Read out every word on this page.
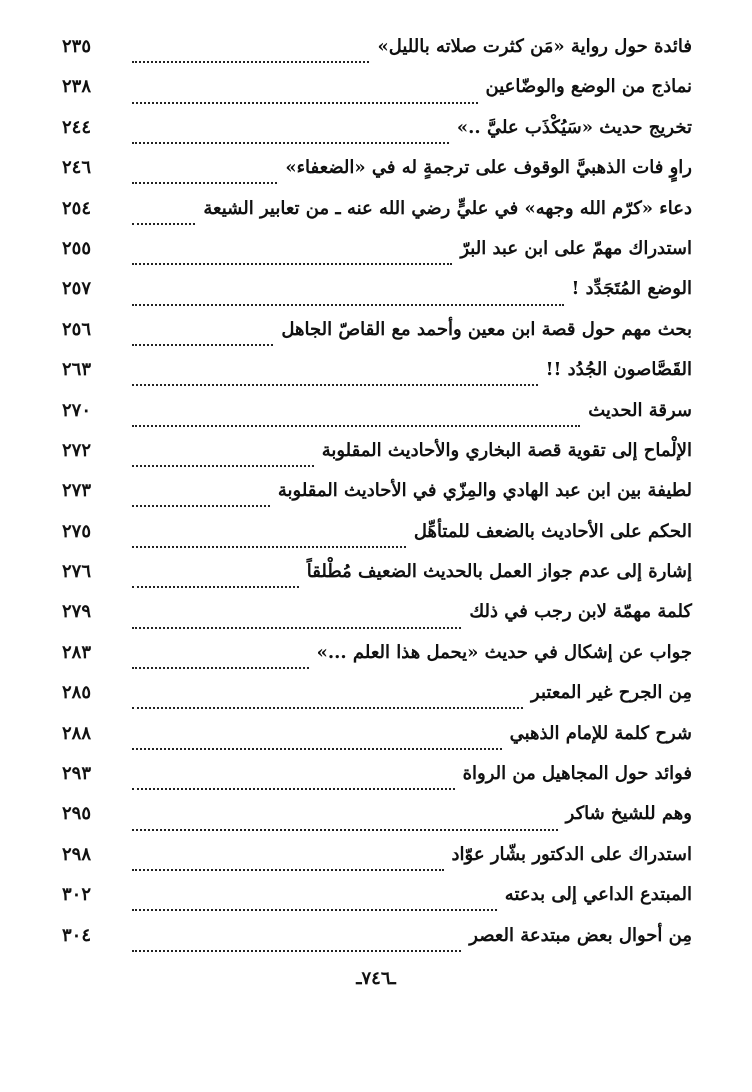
فائدة حول رواية «مَن كثرت صلاته بالليل»
٢٣٥
نماذج من الوضع والوضّاعين
٢٣٨
تخريج حديث «سَيُكْذَب عليَّ ..»
٢٤٤
راوٍ فات الذهبيَّ الوقوف على ترجمةٍ له في «الضعفاء»
٢٤٦
دعاء «كرّم الله وجهه» في عليٍّ رضي الله عنه ـ من تعابير الشيعة
٢٥٤
استدراك مهمّ على ابن عبد البرّ
٢٥٥
الوضع المُتَجَدِّد !
٢٥٧
بحث مهم حول قصة ابن معين وأحمد مع القاصّ الجاهل
٢٥٦
القَصَّاصون الجُدُد !!
٢٦٣
سرقة الحديث
٢٧٠
الإلْماح إلى تقوية قصة البخاري والأحاديث المقلوبة
٢٧٢
لطيفة بين ابن عبد الهادي والمِزّي في الأحاديث المقلوبة
٢٧٣
الحكم على الأحاديث بالضعف للمتأهِّل
٢٧٥
إشارة إلى عدم جواز العمل بالحديث الضعيف مُطْلقاً
٢٧٦
كلمة مهمّة لابن رجب في ذلك
٢٧٩
جواب عن إشكال في حديث «يحمل هذا العلم ...»
٢٨٣
مِن الجرح غير المعتبر
٢٨٥
شرح كلمة للإمام الذهبي
٢٨٨
فوائد حول المجاهيل من الرواة
٢٩٣
وهم للشيخ شاكر
٢٩٥
استدراك على الدكتور بشّار عوّاد
٢٩٨
المبتدع الداعي إلى بدعته
٣٠٢
مِن أحوال بعض مبتدعة العصر
٣٠٤
ـ٧٤٦ـ
